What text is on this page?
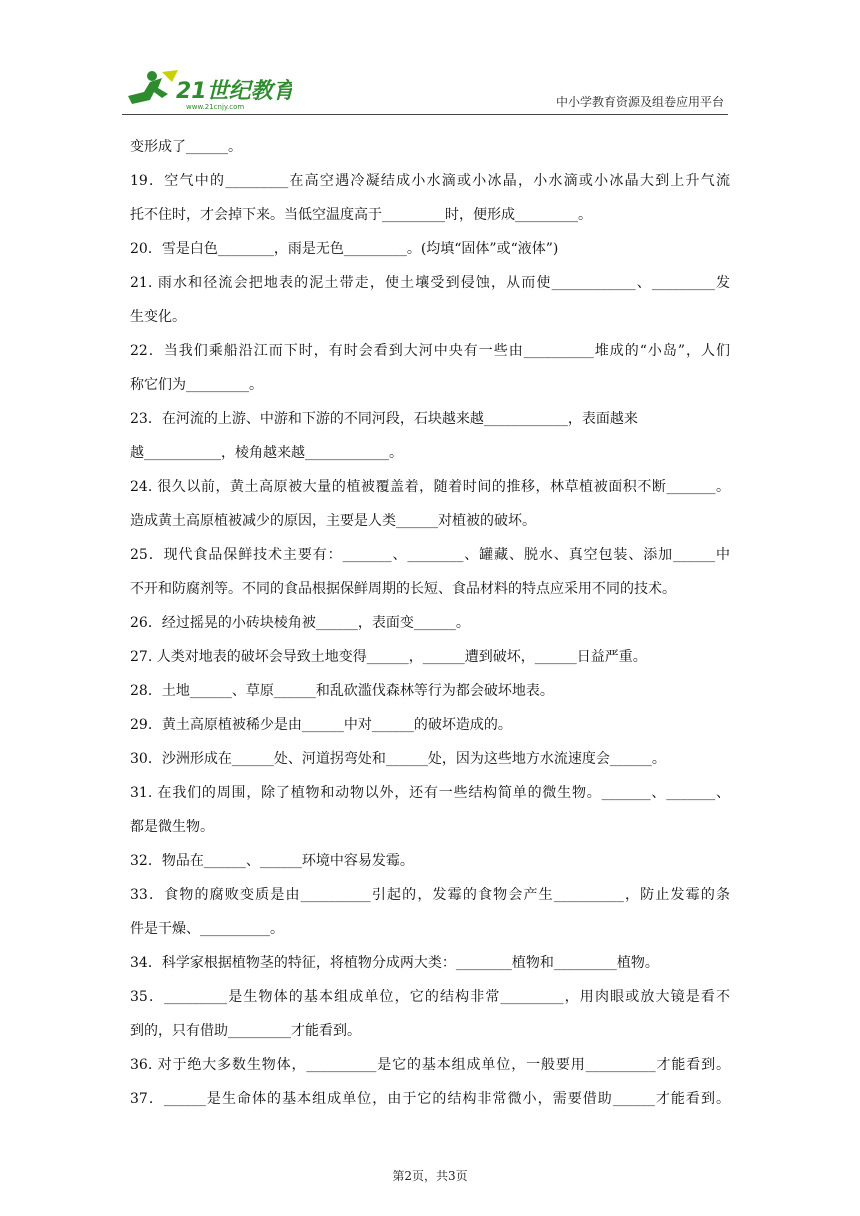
21世纪教育
www.21cnjy.com	中小学教育资源及组卷应用平台
变形成了______。
19．空气中的_________在高空遇冷凝结成小水滴或小冰晶，小水滴或小冰晶大到上升气流
托不住时，才会掉下来。当低空温度高于_________时，便形成_________。
20．雪是白色________，雨是无色_________。(均填“固体”或“液体”)
21. 雨水和径流会把地表的泥土带走，使土壤受到侵蚀，从而使____________、_________发
生变化。
22．当我们乘船沿江而下时，有时会看到大河中央有一些由__________堆成的“小岛”，人们
称它们为_________。
23．在河流的上游、中游和下游的不同河段，石块越来越____________，表面越来
越___________，棱角越来越____________。
24. 很久以前，黄土高原被大量的植被覆盖着，随着时间的推移，林草植被面积不断_______。
造成黄土高原植被减少的原因，主要是人类______对植被的破坏。
25．现代食品保鲜技术主要有：_______、________、罐藏、脱水、真空包装、添加______中
不开和防腐剂等。不同的食品根据保鲜周期的长短、食品材料的特点应采用不同的技术。
26．经过摇晃的小砖块棱角被______，表面变______。
27. 人类对地表的破坏会导致土地变得______，______遭到破坏，______日益严重。
28．土地______、草原______和乱砍滥伐森林等行为都会破坏地表。
29．黄土高原植被稀少是由______中对______的破坏造成的。
30．沙洲形成在______处、河道拐弯处和______处，因为这些地方水流速度会______。
31. 在我们的周围，除了植物和动物以外，还有一些结构简单的微生物。_______、_______、
都是微生物。
32．物品在______、______环境中容易发霉。
33．食物的腐败变质是由__________引起的，发霉的食物会产生__________，防止发霉的条
件是干燥、__________。
34．科学家根据植物茎的特征，将植物分成两大类：________植物和_________植物。
35．_________是生物体的基本组成单位，它的结构非常_________，用肉眼或放大镜是看不
到的，只有借助_________才能看到。
36. 对于绝大多数生物体，__________是它的基本组成单位，一般要用__________才能看到。
37．______是生命体的基本组成单位，由于它的结构非常微小，需要借助______才能看到。
第2页，共3页
